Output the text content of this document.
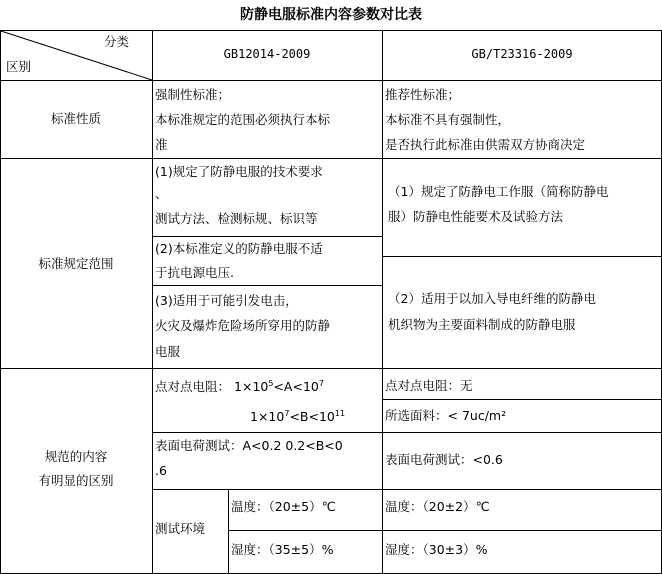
防静电服标准内容参数对比表
分类
区别
GB12014-2009	GB/T23316-2009
标准性质
强制性标准；
本标准规定的范围必须执行本标
准
推荐性标准；
本标准不具有强制性，
是否执行此标准由供需双方协商决定
标准规定范围
(1)规定了防静电服的技术要求
、
测试方法、检测标规、标识等
(2)本标准定义的防静电服不适
于抗电源电压.
(3)适用于可能引发电击，
火灾及爆炸危险场所穿用的防静
电服
（1）规定了防静电工作服（简称防静电
服）防静电性能要术及试验方法
（2）适用于以加入导电纤维的防静电
机织物为主要面料制成的防静电服
规范的内容
有明显的区别
点对点电阻： $1\times 10^5<A<10^7$
$1\times 10^7<B<10^{11}$
点对点电阻：无
所选面料：< 7uc/m²
表面电荷测试：A<0.2 0.2<B<0
.6
表面电荷测试：<0.6
测试环境
温度：（20±5）℃
湿度：（35±5）%
温度：（20±2）℃
湿度：（30±3）%
